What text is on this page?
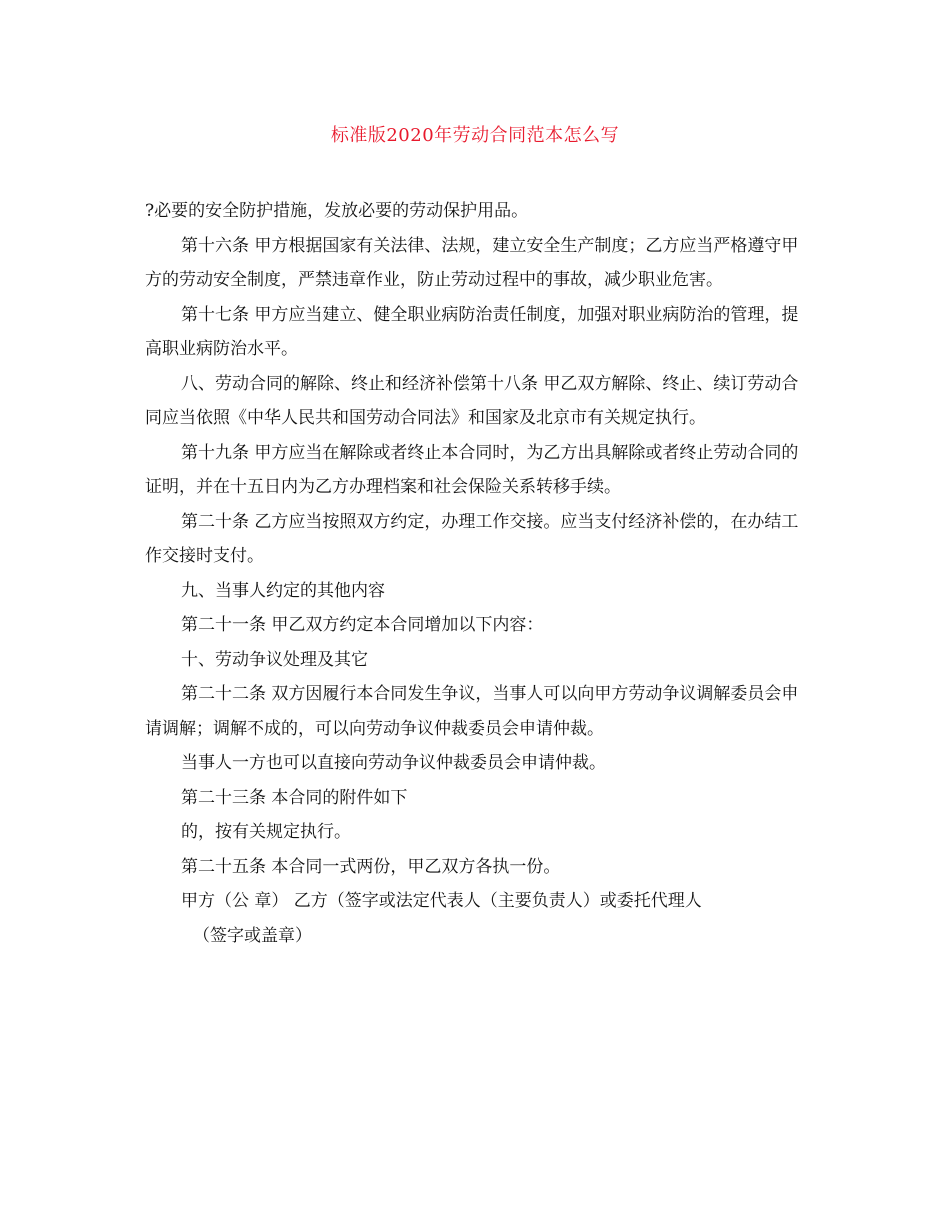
标准版2020年劳动合同范本怎么写

?必要的安全防护措施，发放必要的劳动保护用品。

第十六条 甲方根据国家有关法律、法规，建立安全生产制度；乙方应当严格遵守甲方的劳动安全制度，严禁违章作业，防止劳动过程中的事故，减少职业危害。

第十七条 甲方应当建立、健全职业病防治责任制度，加强对职业病防治的管理，提高职业病防治水平。

八、劳动合同的解除、终止和经济补偿第十八条 甲乙双方解除、终止、续订劳动合同应当依照《中华人民共和国劳动合同法》和国家及北京市有关规定执行。

第十九条 甲方应当在解除或者终止本合同时，为乙方出具解除或者终止劳动合同的证明，并在十五日内为乙方办理档案和社会保险关系转移手续。

第二十条 乙方应当按照双方约定，办理工作交接。应当支付经济补偿的，在办结工作交接时支付。

九、当事人约定的其他内容

第二十一条 甲乙双方约定本合同增加以下内容：

十、劳动争议处理及其它

第二十二条 双方因履行本合同发生争议，当事人可以向甲方劳动争议调解委员会申请调解；调解不成的，可以向劳动争议仲裁委员会申请仲裁。

当事人一方也可以直接向劳动争议仲裁委员会申请仲裁。

第二十三条 本合同的附件如下

的，按有关规定执行。

第二十五条 本合同一式两份，甲乙双方各执一份。

甲方（公 章） 乙方（签字或法定代表人（主要负责人）或委托代理人

（签字或盖章）
